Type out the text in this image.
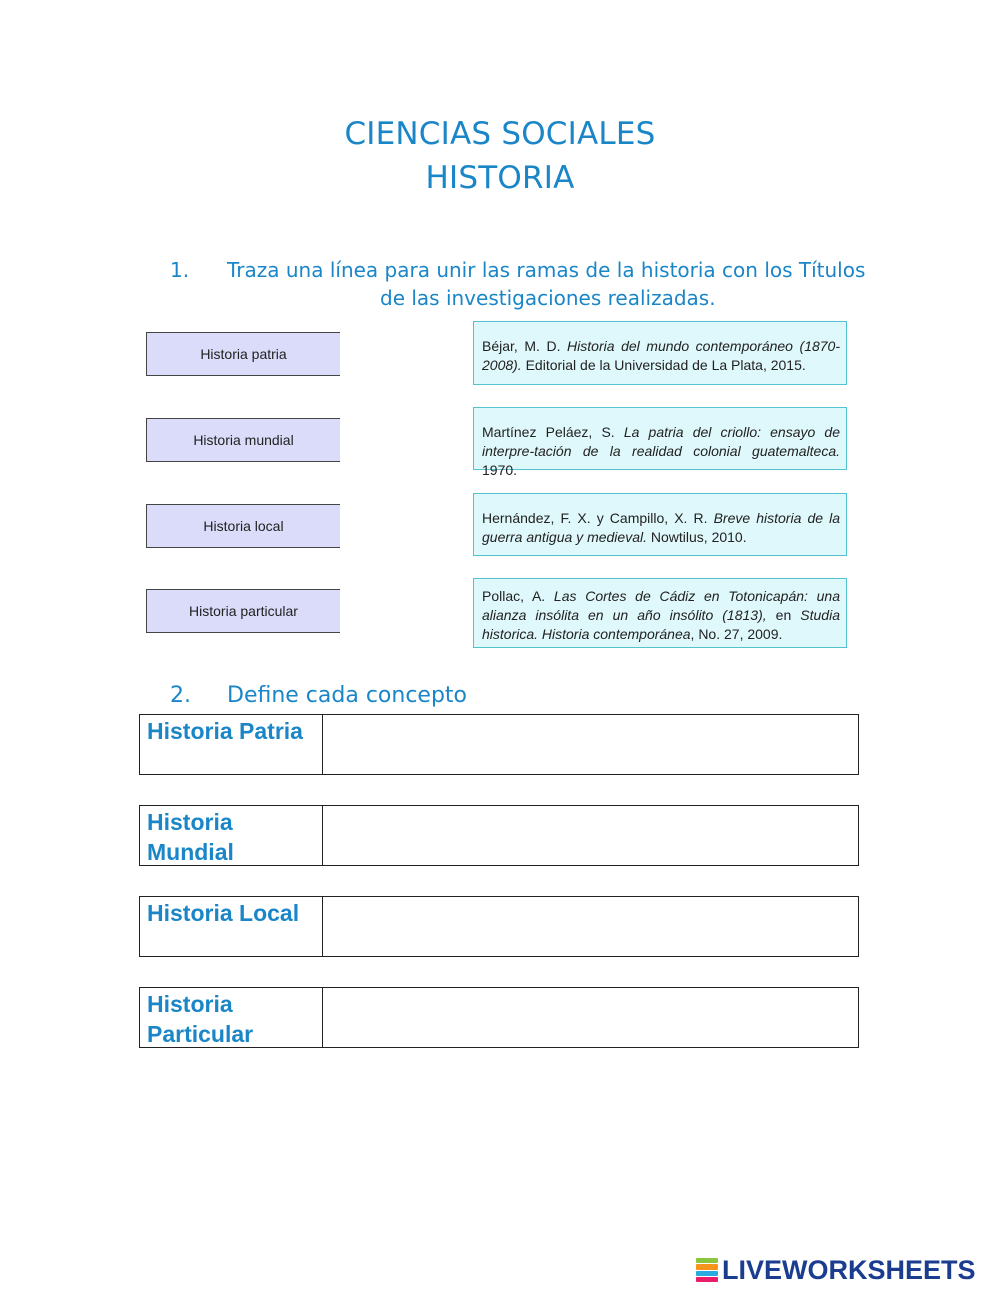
CIENCIAS SOCIALES
HISTORIA
1. Traza una línea para unir las ramas de la historia con los Títulos
de las investigaciones realizadas.
Historia patria
Historia mundial
Historia local
Historia particular
Béjar, M. D. Historia del mundo contemporáneo (1870-2008). Editorial de la Universidad de La Plata, 2015.
Martínez Peláez, S. La patria del criollo: ensayo de interpre-tación de la realidad colonial guatemalteca. 1970.
Hernández, F. X. y Campillo, X. R. Breve historia de la guerra antigua y medieval. Nowtilus, 2010.
Pollac, A. Las Cortes de Cádiz en Totonicapán: una alianza insólita en un año insólito (1813), en Studia historica. Historia contemporánea, No. 27, 2009.
2. Define cada concepto
Historia Patria
Historia Mundial
Historia Local
Historia Particular
LIVEWORKSHEETS
